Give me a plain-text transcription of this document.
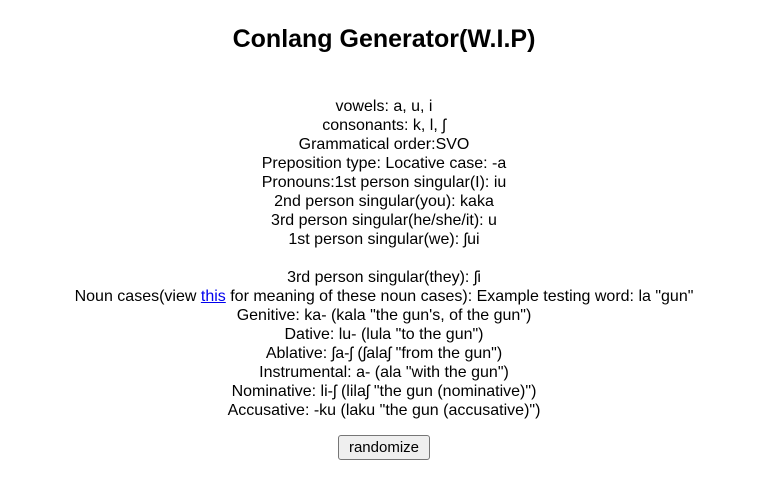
Conlang Generator(W.I.P)
vowels: a, u, i
consonants: k, l, ʃ
Grammatical order:SVO
Preposition type: Locative case: -a
Pronouns:1st person singular(I): iu
2nd person singular(you): kaka
3rd person singular(he/she/it): u
1st person singular(we): ʃui
3rd person singular(they): ʃi
Noun cases(view this for meaning of these noun cases): Example testing word: la "gun"
Genitive: ka- (kala "the gun's, of the gun")
Dative: lu- (lula "to the gun")
Ablative: ʃa-ʃ (ʃalaʃ "from the gun")
Instrumental: a- (ala "with the gun")
Nominative: li-ʃ (lilaʃ "the gun (nominative)")
Accusative: -ku (laku "the gun (accusative)")
randomize
